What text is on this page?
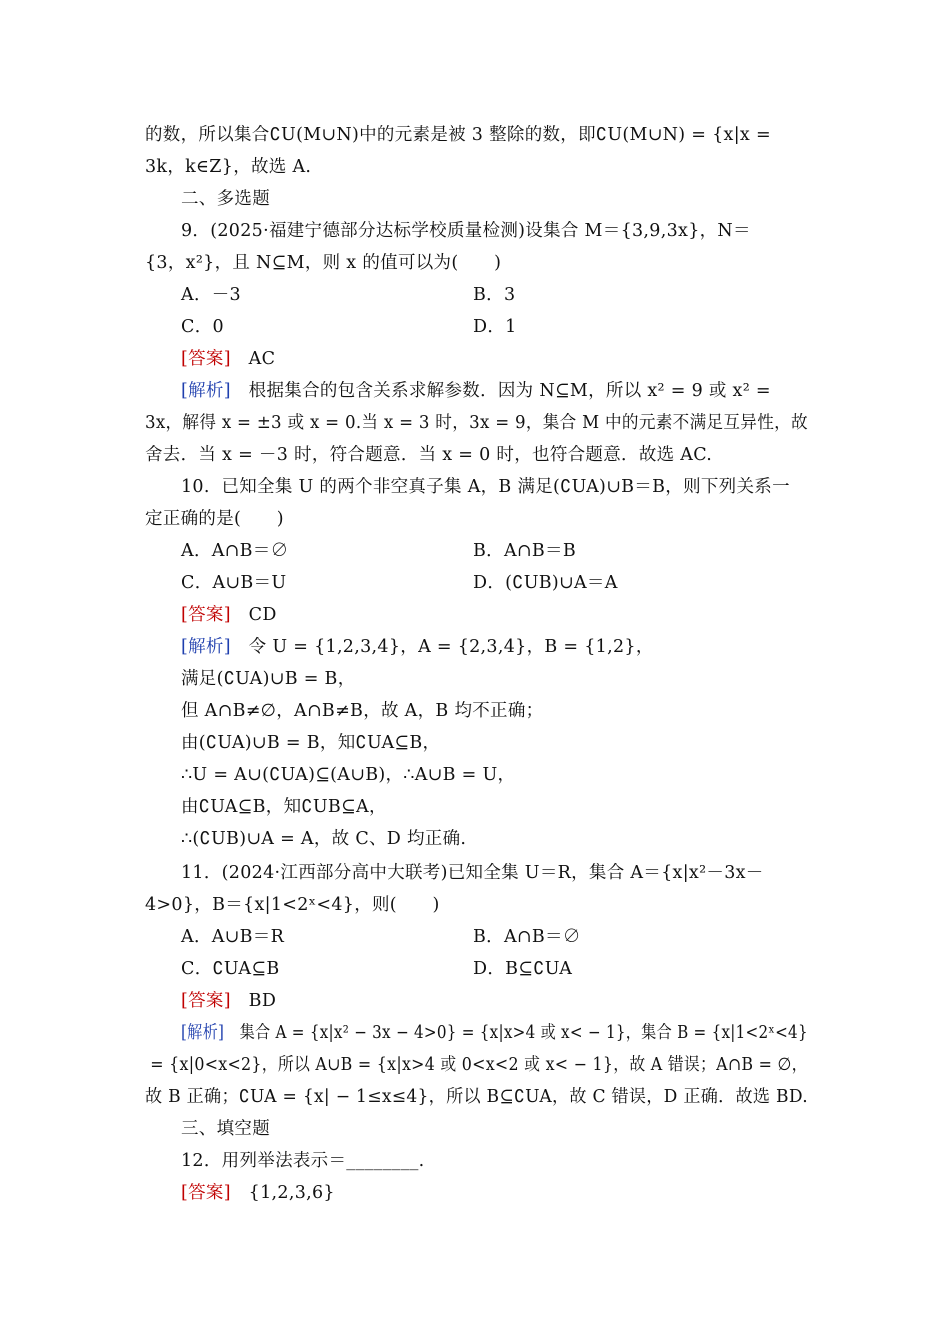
的数，所以集合∁U(M∪N)中的元素是被 3 整除的数，即∁U(M∪N) = {x|x =
3k，k∈Z}，故选 A.
二、多选题
9．(2025·福建宁德部分达标学校质量检测)设集合 M＝{3,9,3x}，N＝
{3，x²}，且 N⊆M，则 x 的值可以为(　　)
A．－3	B．3
C．0	D．1
[答案]　 AC
[解析]　 根据集合的包含关系求解参数．因为 N⊆M，所以 x² = 9 或 x² =
3x，解得 x = ±3 或 x = 0.当 x = 3 时，3x = 9，集合 M 中的元素不满足互异性，故
舍去．当 x = －3 时，符合题意．当 x = 0 时，也符合题意．故选 AC.
10.  已知全集 U 的两个非空真子集 A，B 满足(∁UA)∪B＝B，则下列关系一
定正确的是(　　)
A．A∩B＝∅	B．A∩B＝B
C．A∪B＝U	D．(∁UB)∪A＝A
[答案]　 CD
[解析]　 令 U = {1,2,3,4}，A = {2,3,4}，B = {1,2}，
满足(∁UA)∪B = B，
但 A∩B≠∅，A∩B≠B，故 A，B 均不正确；
由(∁UA)∪B = B，知∁UA⊆B，
∴U = A∪(∁UA)⊆(A∪B)，∴A∪B = U，
由∁UA⊆B，知∁UB⊆A，
∴(∁UB)∪A = A，故 C、D 均正确.
11．(2024·江西部分高中大联考)已知全集 U＝R，集合 A＝{x|x²－3x－
4>0}，B＝{x|1<2ˣ<4}，则(　　)
A．A∪B＝R	B．A∩B＝∅
C．∁UA⊆B	D．B⊆∁UA
[答案]　 BD
[解析]　 集合 A = {x|x² − 3x − 4>0} = {x|x>4 或 x< − 1}，集合 B = {x|1<2ˣ<4}
= {x|0<x<2}，所以 A∪B = {x|x>4 或 0<x<2 或 x< − 1}，故 A 错误；A∩B = ∅，
故 B 正确；∁UA = {x| − 1≤x≤4}，所以 B⊆∁UA，故 C 错误，D 正确．故选 BD.
三、填空题
12．用列举法表示＝________.
[答案]　 {1,2,3,6}
